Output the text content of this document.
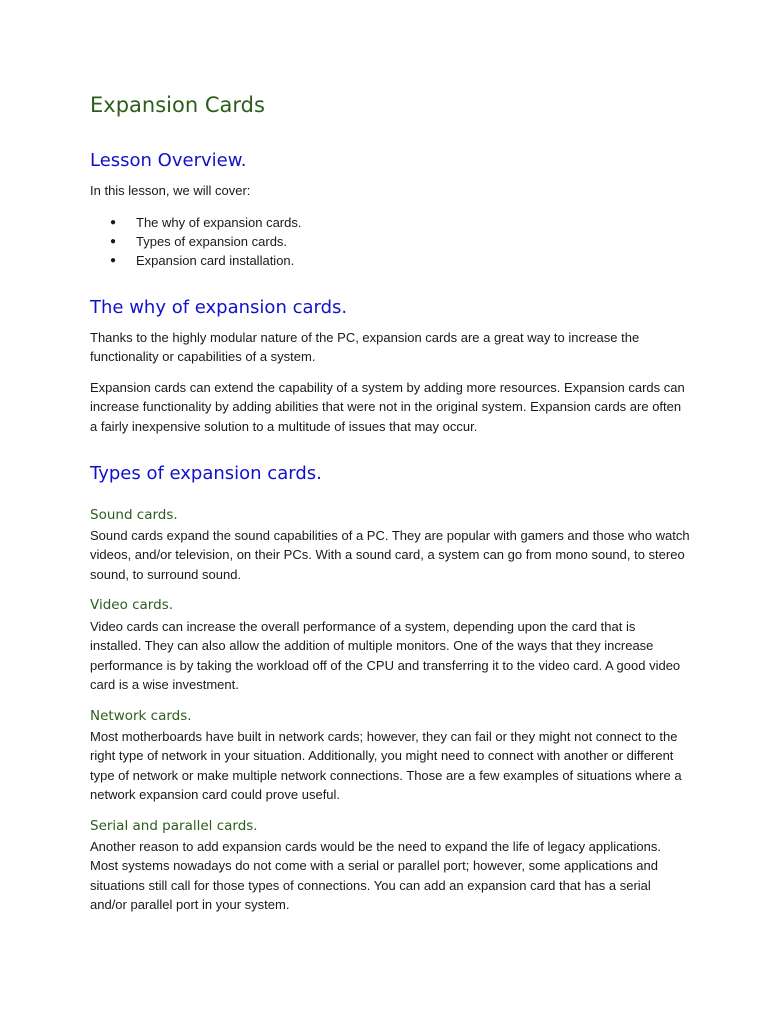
Expansion Cards
Lesson Overview.

In this lesson, we will cover:

● The why of expansion cards.
● Types of expansion cards.
● Expansion card installation.
The why of expansion cards.

Thanks to the highly modular nature of the PC, expansion cards are a great way to increase the functionality or capabilities of a system.

Expansion cards can extend the capability of a system by adding more resources. Expansion cards can increase functionality by adding abilities that were not in the original system. Expansion cards are often a fairly inexpensive solution to a multitude of issues that may occur.

Types of expansion cards.
Sound cards.

Sound cards expand the sound capabilities of a PC. They are popular with gamers and those who watch videos, and/or television, on their PCs. With a sound card, a system can go from mono sound, to stereo sound, to surround sound.

Video cards.

Video cards can increase the overall performance of a system, depending upon the card that is installed. They can also allow the addition of multiple monitors. One of the ways that they increase performance is by taking the workload off of the CPU and transferring it to the video card. A good video card is a wise investment.

Network cards.

Most motherboards have built in network cards; however, they can fail or they might not connect to the right type of network in your situation. Additionally, you might need to connect with another or different type of network or make multiple network connections. Those are a few examples of situations where a network expansion card could prove useful.

Serial and parallel cards.

Another reason to add expansion cards would be the need to expand the life of legacy applications. Most systems nowadays do not come with a serial or parallel port; however, some applications and situations still call for those types of connections. You can add an expansion card that has a serial and/or parallel port in your system.
